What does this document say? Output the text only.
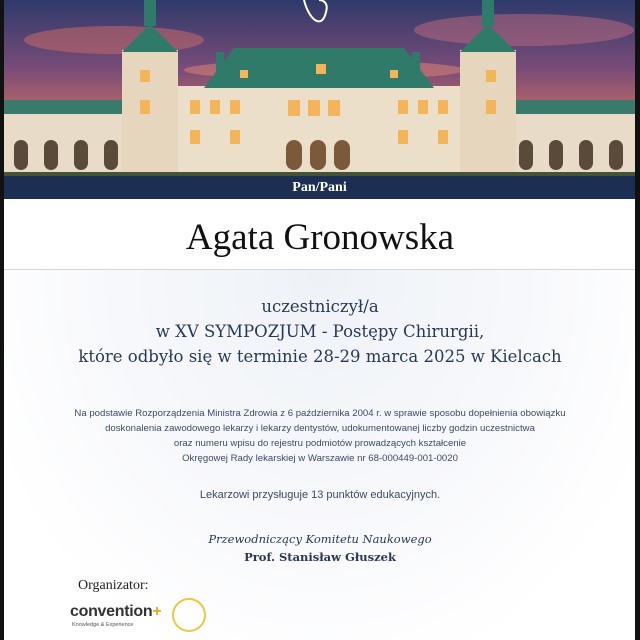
Pan/Pani
Agata Gronowska
uczestniczył/a
w XV SYMPOZJUM - Postępy Chirurgii,
które odbyło się w terminie 28-29 marca 2025 w Kielcach
Na podstawie Rozporządzenia Ministra Zdrowia z 6 października 2004 r. w sprawie sposobu dopełnienia obowiązku
doskonalenia zawodowego lekarzy i lekarzy dentystów, udokumentowanej liczby godzin uczestnictwa
oraz numeru wpisu do rejestru podmiotów prowadzących kształcenie
Okręgowej Rady lekarskiej w Warszawie nr 68-000449-001-0020
Lekarzowi przysługuje 13 punktów edukacyjnych.
Przewodniczący Komitetu Naukowego
Prof. Stanisław Głuszek
Organizator:
convention+
Knowledge & Experience
